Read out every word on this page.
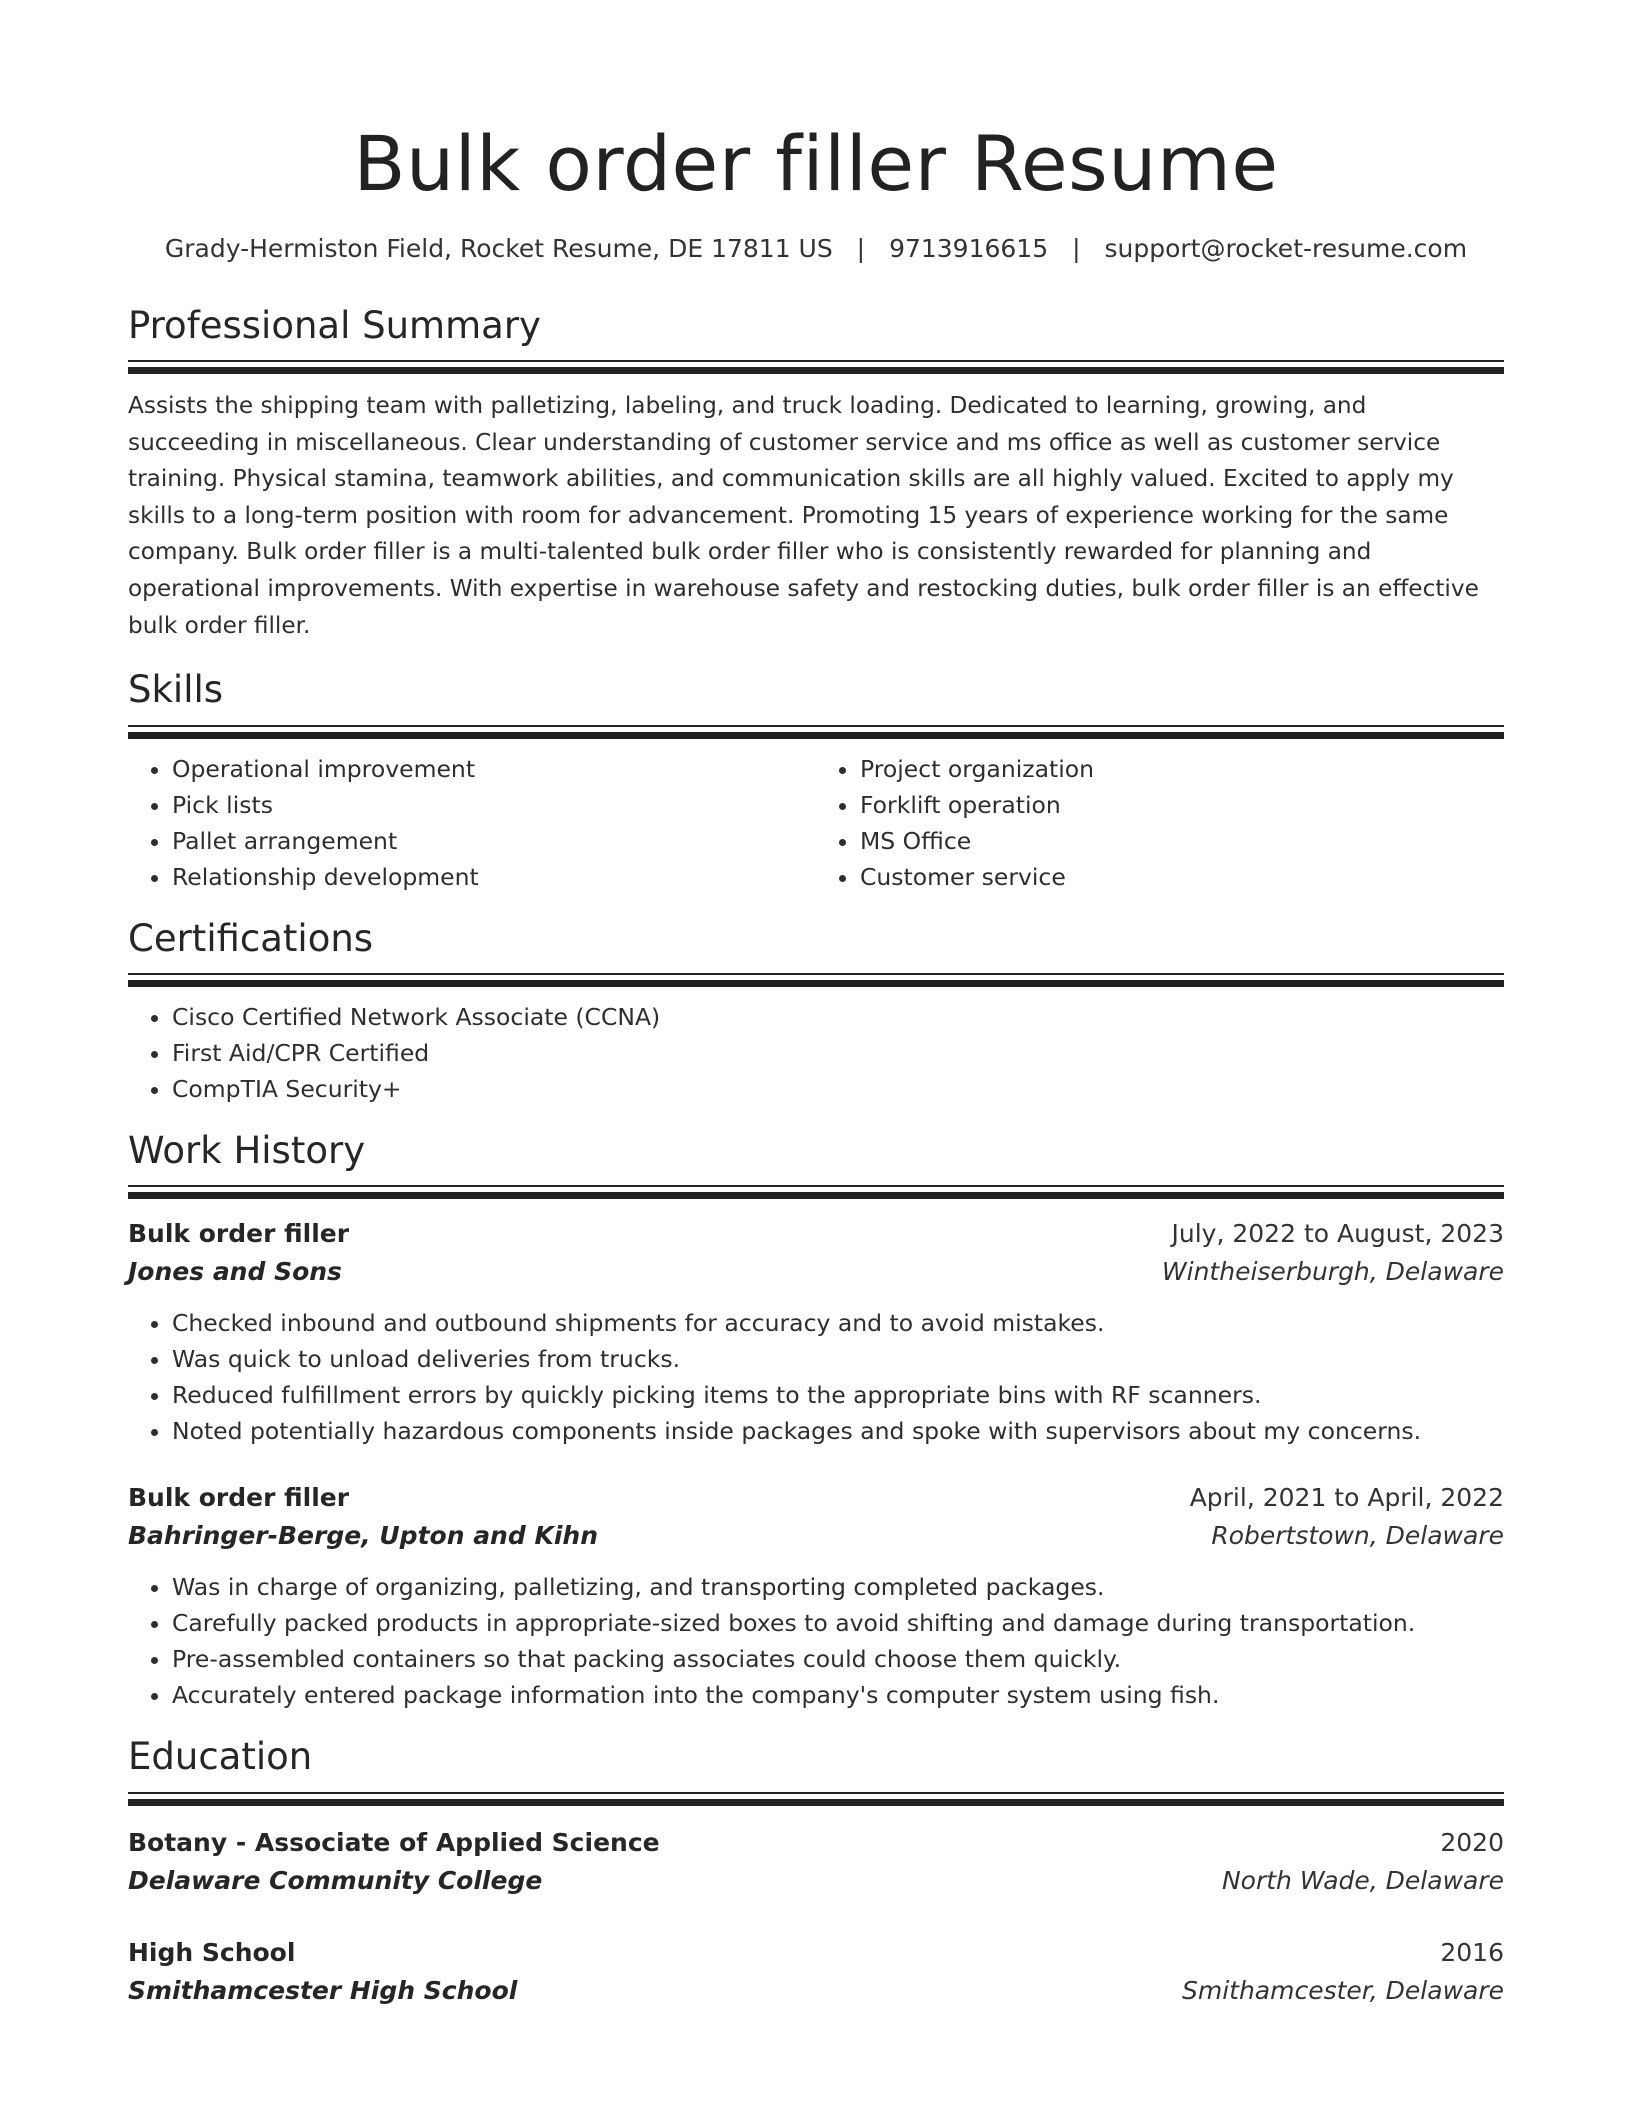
Bulk order filler Resume
Grady-Hermiston Field, Rocket Resume, DE 17811 US | 9713916615 | support@rocket-resume.com
Professional Summary

Assists the shipping team with palletizing, labeling, and truck loading. Dedicated to learning, growing, and succeeding in miscellaneous. Clear understanding of customer service and ms office as well as customer service training. Physical stamina, teamwork abilities, and communication skills are all highly valued. Excited to apply my skills to a long-term position with room for advancement. Promoting 15 years of experience working for the same company. Bulk order filler is a multi-talented bulk order filler who is consistently rewarded for planning and operational improvements. With expertise in warehouse safety and restocking duties, bulk order filler is an effective bulk order filler.

Skills
• Operational improvement
• Pick lists
• Pallet arrangement
• Relationship development
• Project organization
• Forklift operation
• MS Office
• Customer service
Certifications
• Cisco Certified Network Associate (CCNA)
• First Aid/CPR Certified
• CompTIA Security+
Work History
Bulk order filler	July, 2022 to August, 2023
Jones and Sons	Wintheiserburgh, Delaware
• Checked inbound and outbound shipments for accuracy and to avoid mistakes.
• Was quick to unload deliveries from trucks.
• Reduced fulfillment errors by quickly picking items to the appropriate bins with RF scanners.
• Noted potentially hazardous components inside packages and spoke with supervisors about my concerns.
Bulk order filler	April, 2021 to April, 2022
Bahringer-Berge, Upton and Kihn	Robertstown, Delaware
• Was in charge of organizing, palletizing, and transporting completed packages.
• Carefully packed products in appropriate-sized boxes to avoid shifting and damage during transportation.
• Pre-assembled containers so that packing associates could choose them quickly.
• Accurately entered package information into the company's computer system using fish.
Education
Botany - Associate of Applied Science	2020
Delaware Community College	North Wade, Delaware
High School	2016
Smithamcester High School	Smithamcester, Delaware
